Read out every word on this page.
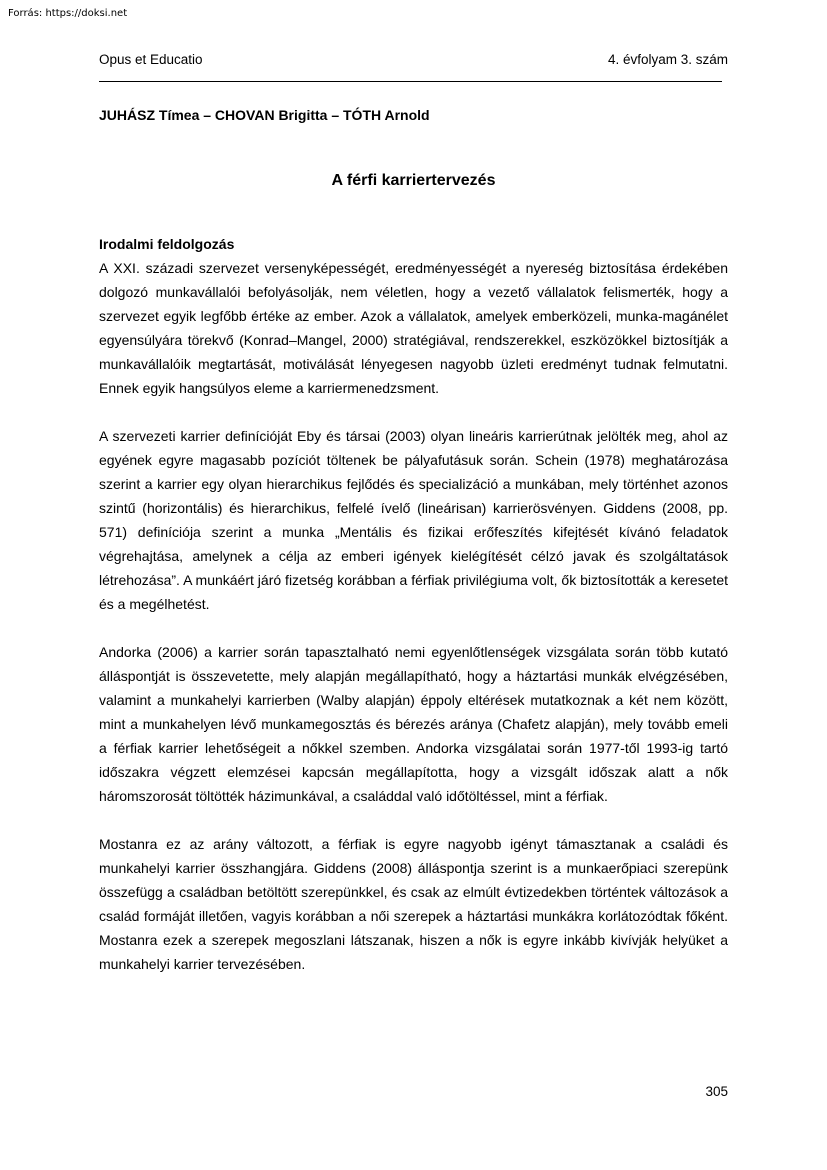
Forrás: https://doksi.net
Opus et Educatio	4. évfolyam 3. szám
JUHÁSZ Tímea – CHOVAN Brigitta – TÓTH Arnold
A férfi karriertervezés
Irodalmi feldolgozás

A XXI. századi szervezet versenyképességét, eredményességét a nyereség biztosítása érdekében dolgozó munkavállalói befolyásolják, nem véletlen, hogy a vezető vállalatok felismerték, hogy a szervezet egyik legfőbb értéke az ember. Azok a vállalatok, amelyek emberközeli, munka-magánélet egyensúlyára törekvő (Konrad–Mangel, 2000) stratégiával, rendszerekkel, eszközökkel biztosítják a munkavállalóik megtartását, motiválását lényegesen nagyobb üzleti eredményt tudnak felmutatni. Ennek egyik hangsúlyos eleme a karriermenedzsment.

A szervezeti karrier definícióját Eby és társai (2003) olyan lineáris karrierútnak jelölték meg, ahol az egyének egyre magasabb pozíciót töltenek be pályafutásuk során. Schein (1978) meghatározása szerint a karrier egy olyan hierarchikus fejlődés és specializáció a munkában, mely történhet azonos szintű (horizontális) és hierarchikus, felfelé ívelő (lineárisan) karrierösvényen. Giddens (2008, pp. 571) definíciója szerint a munka „Mentális és fizikai erőfeszítés kifejtését kívánó feladatok végrehajtása, amelynek a célja az emberi igények kielégítését célzó javak és szolgáltatások létrehozása”. A munkáért járó fizetség korábban a férfiak privilégiuma volt, ők biztosították a keresetet és a megélhetést.

Andorka (2006) a karrier során tapasztalható nemi egyenlőtlenségek vizsgálata során több kutató álláspontját is összevetette, mely alapján megállapítható, hogy a háztartási munkák elvégzésében, valamint a munkahelyi karrierben (Walby alapján) éppoly eltérések mutatkoznak a két nem között, mint a munkahelyen lévő munkamegosztás és bérezés aránya (Chafetz alapján), mely tovább emeli a férfiak karrier lehetőségeit a nőkkel szemben. Andorka vizsgálatai során 1977-től 1993-ig tartó időszakra végzett elemzései kapcsán megállapította, hogy a vizsgált időszak alatt a nők háromszorosát töltötték házimunkával, a családdal való időtöltéssel, mint a férfiak.

Mostanra ez az arány változott, a férfiak is egyre nagyobb igényt támasztanak a családi és munkahelyi karrier összhangjára. Giddens (2008) álláspontja szerint is a munkaerőpiaci szerepünk összefügg a családban betöltött szerepünkkel, és csak az elmúlt évtizedekben történtek változások a család formáját illetően, vagyis korábban a női szerepek a háztartási munkákra korlátozódtak főként. Mostanra ezek a szerepek megoszlani látszanak, hiszen a nők is egyre inkább kivívják helyüket a munkahelyi karrier tervezésében.

305
